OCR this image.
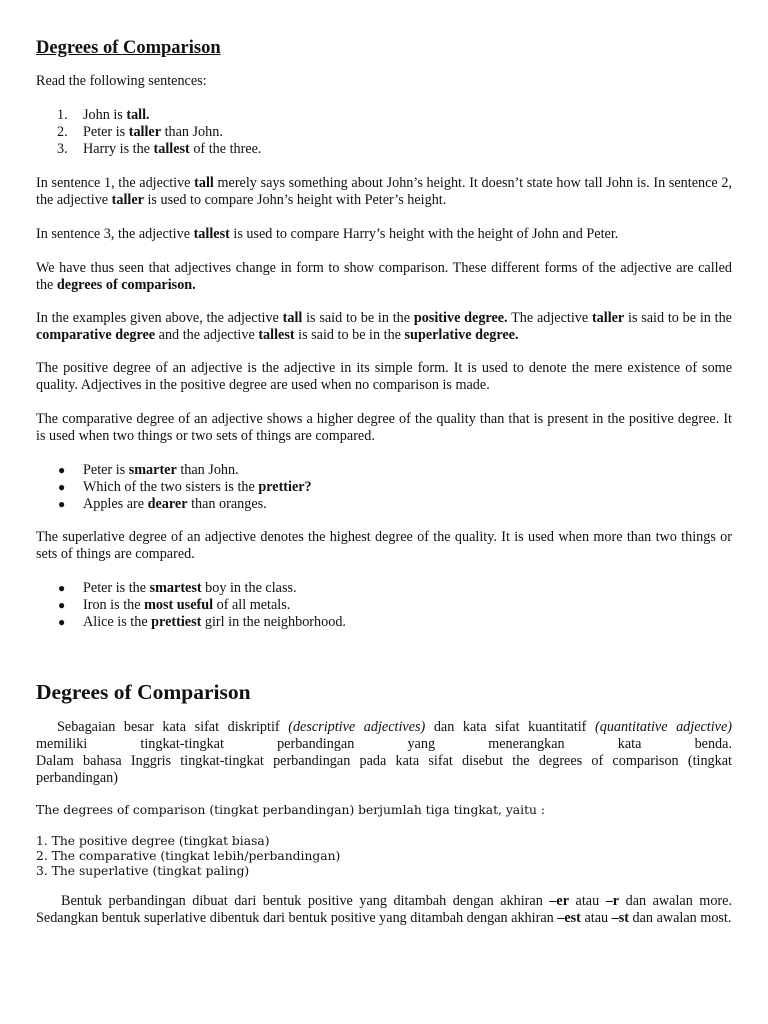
Degrees of Comparison

Read the following sentences:

1. John is tall.
2. Peter is taller than John.
3. Harry is the tallest of the three.

In sentence 1, the adjective tall merely says something about John’s height. It doesn’t state how tall John is. In sentence 2, the adjective taller is used to compare John’s height with Peter’s height.

In sentence 3, the adjective tallest is used to compare Harry’s height with the height of John and Peter.

We have thus seen that adjectives change in form to show comparison. These different forms of the adjective are called the degrees of comparison.

In the examples given above, the adjective tall is said to be in the positive degree. The adjective taller is said to be in the comparative degree and the adjective tallest is said to be in the superlative degree.

The positive degree of an adjective is the adjective in its simple form. It is used to denote the mere existence of some quality. Adjectives in the positive degree are used when no comparison is made.

The comparative degree of an adjective shows a higher degree of the quality than that is present in the positive degree. It is used when two things or two sets of things are compared.

● Peter is smarter than John.
● Which of the two sisters is the prettier?
● Apples are dearer than oranges.

The superlative degree of an adjective denotes the highest degree of the quality. It is used when more than two things or sets of things are compared.

● Peter is the smartest boy in the class.
● Iron is the most useful of all metals.
● Alice is the prettiest girl in the neighborhood.
Degrees of Comparison

Sebagaian besar kata sifat diskriptif (descriptive adjectives) dan kata sifat kuantitatif (quantitative adjective)

memiliki tingkat-tingkat perbandingan yang menerangkan kata benda.

Dalam bahasa Inggris tingkat-tingkat perbandingan pada kata sifat disebut the degrees of comparison (tingkat perbandingan)

The degrees of comparison (tingkat perbandingan) berjumlah tiga tingkat, yaitu :

1. The positive degree (tingkat biasa)
2. The comparative (tingkat lebih/perbandingan)
3. The superlative (tingkat paling)

Bentuk perbandingan dibuat dari bentuk positive yang ditambah dengan akhiran –er atau –r dan awalan more. Sedangkan bentuk superlative dibentuk dari bentuk positive yang ditambah dengan akhiran –est atau –st dan awalan most.
